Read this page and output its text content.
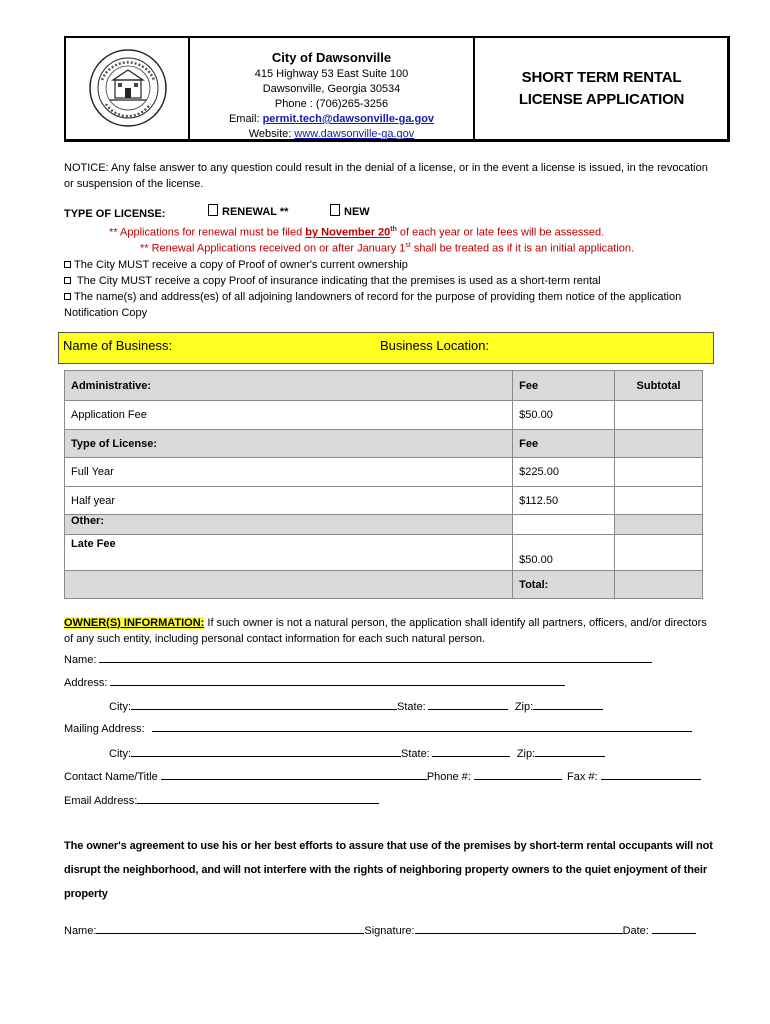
City of Dawsonville
415 Highway 53 East Suite 100
Dawsonville, Georgia 30534
Phone : (706)265-3256
Email: permit.tech@dawsonville-ga.gov
Website: www.dawsonville-ga.gov
SHORT TERM RENTAL
LICENSE APPLICATION
NOTICE: Any false answer to any question could result in the denial of a license, or in the event a license is issued, in the revocation or suspension of the license.
TYPE OF LICENSE:	RENEWAL **	NEW
** Applications for renewal must be filed by November 20th of each year or late fees will be assessed.
** Renewal Applications received on or after January 1st shall be treated as if it is an initial application.
The City MUST receive a copy of Proof of owner's current ownership
The City MUST receive a copy Proof of insurance indicating that the premises is used as a short-term rental
The name(s) and address(es) of all adjoining landowners of record for the purpose of providing them notice of the application Notification Copy
Name of Business:	Business Location:
Administrative:	Fee	Subtotal
Application Fee	$50.00	
Type of License:	Fee	
Full Year	$225.00	
Half year	$112.50	
Other:		
Late Fee	$50.00	
	Total:	
OWNER(S) INFORMATION: If such owner is not a natural person, the application shall identify all partners, officers, and/or directors of any such entity, including personal contact information for each such natural person.
Name:
Address:
City:	State:	Zip:
Mailing Address:
City:	State:	Zip:
Contact Name/Title	Phone #:	Fax #:
Email Address:
The owner's agreement to use his or her best efforts to assure that use of the premises by short-term rental occupants will not disrupt the neighborhood, and will not interfere with the rights of neighboring property owners to the quiet enjoyment of their property
Name:	Signature:	Date:
